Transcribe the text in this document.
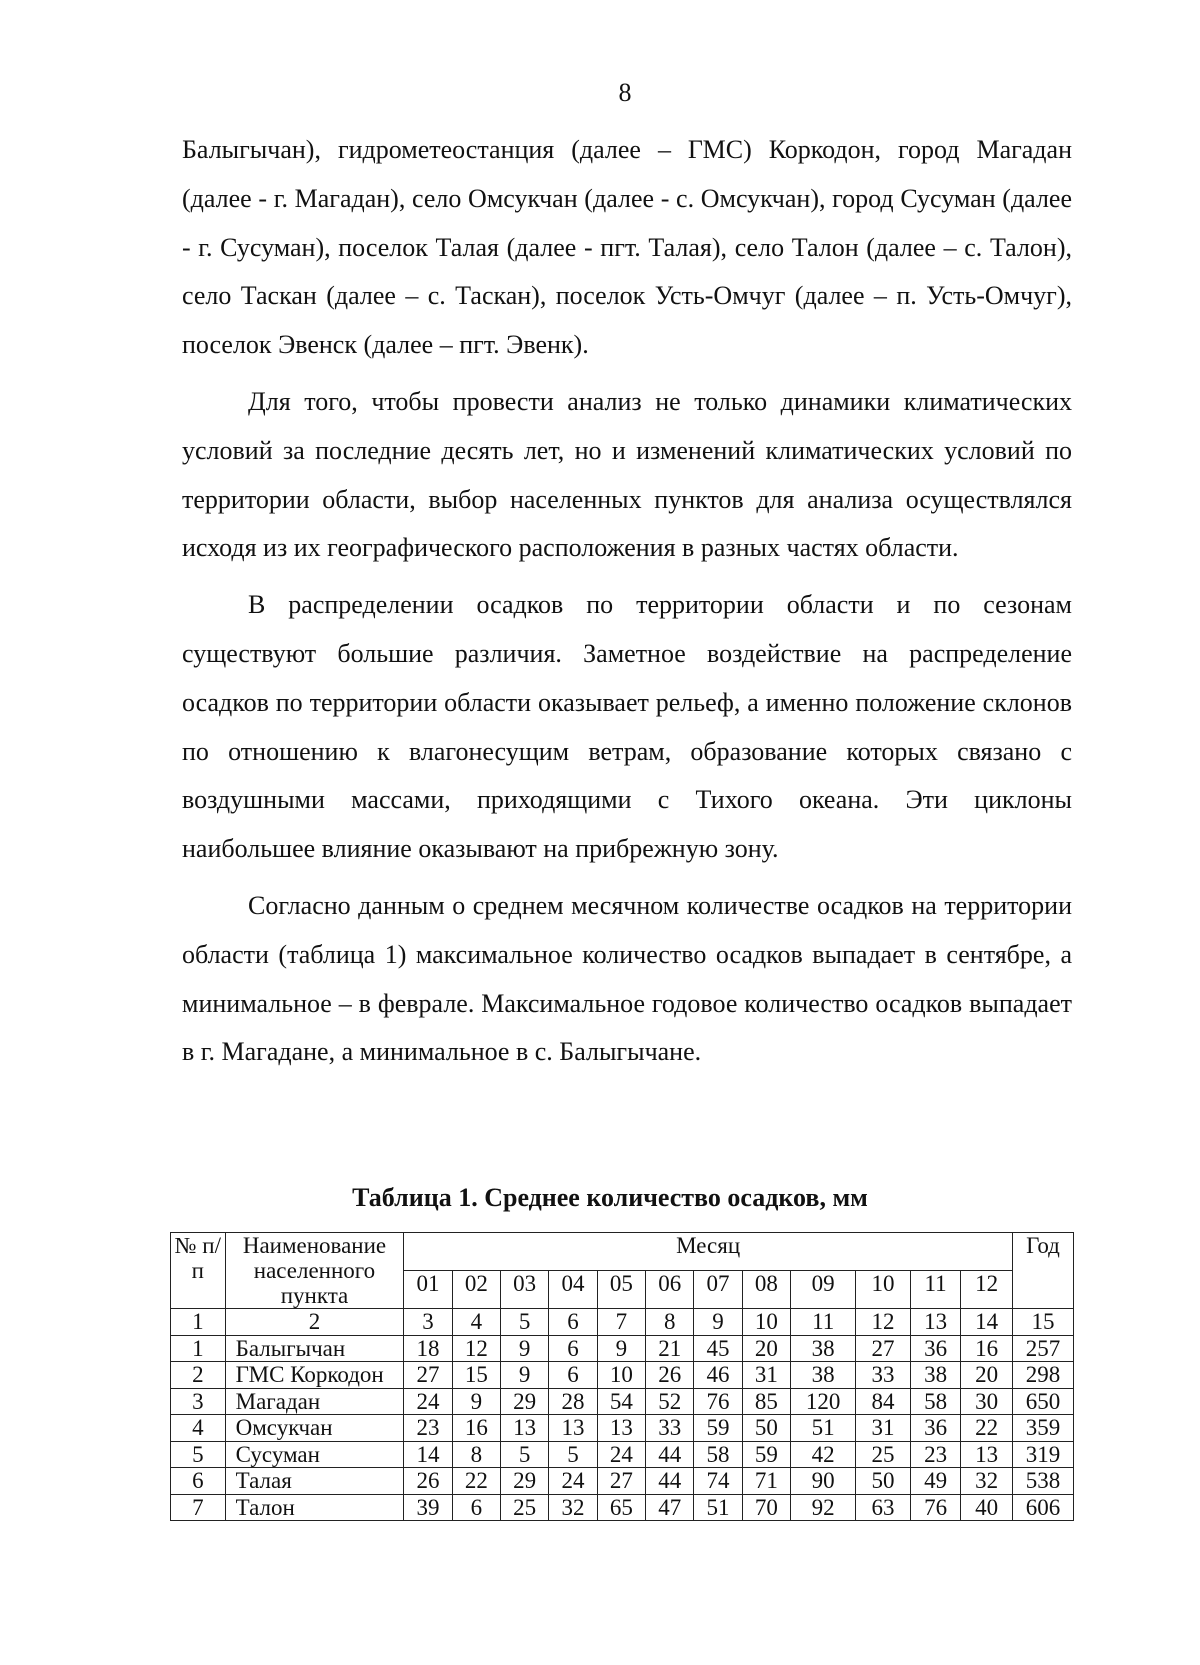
8

Балыгычан), гидрометеостанция (далее – ГМС) Коркодон, город Магадан (далее - г. Магадан), село Омсукчан (далее - с. Омсукчан), город Сусуман (далее - г. Сусуман), поселок Талая (далее - пгт. Талая), село Талон (далее – с. Талон), село Таскан (далее – с. Таскан), поселок Усть-Омчуг (далее – п. Усть-Омчуг), поселок Эвенск (далее – пгт. Эвенк).

Для того, чтобы провести анализ не только динамики климатических условий за последние десять лет, но и изменений климатических условий по территории области, выбор населенных пунктов для анализа осуществлялся исходя из их географического расположения в разных частях области.

В распределении осадков по территории области и по сезонам существуют большие различия. Заметное воздействие на распределение осадков по территории области оказывает рельеф, а именно положение склонов по отношению к влагонесущим ветрам, образование которых связано с воздушными массами, приходящими с Тихого океана. Эти циклоны наибольшее влияние оказывают на прибрежную зону.

Согласно данным о среднем месячном количестве осадков на территории области (таблица 1) максимальное количество осадков выпадает в сентябре, а минимальное – в феврале. Максимальное годовое количество осадков выпадает в г. Магадане, а минимальное в с. Балыгычане.

Таблица 1. Среднее количество осадков, мм
№ п/п	Наименование населенного пункта	Месяц												Год
		01	02	03	04	05	06	07	08	09	10	11	12	
1	2	3	4	5	6	7	8	9	10	11	12	13	14	15
1	Балыгычан	18	12	9	6	9	21	45	20	38	27	36	16	257
2	ГМС Коркодон	27	15	9	6	10	26	46	31	38	33	38	20	298
3	Магадан	24	9	29	28	54	52	76	85	120	84	58	30	650
4	Омсукчан	23	16	13	13	13	33	59	50	51	31	36	22	359
5	Сусуман	14	8	5	5	24	44	58	59	42	25	23	13	319
6	Талая	26	22	29	24	27	44	74	71	90	50	49	32	538
7	Талон	39	6	25	32	65	47	51	70	92	63	76	40	606
